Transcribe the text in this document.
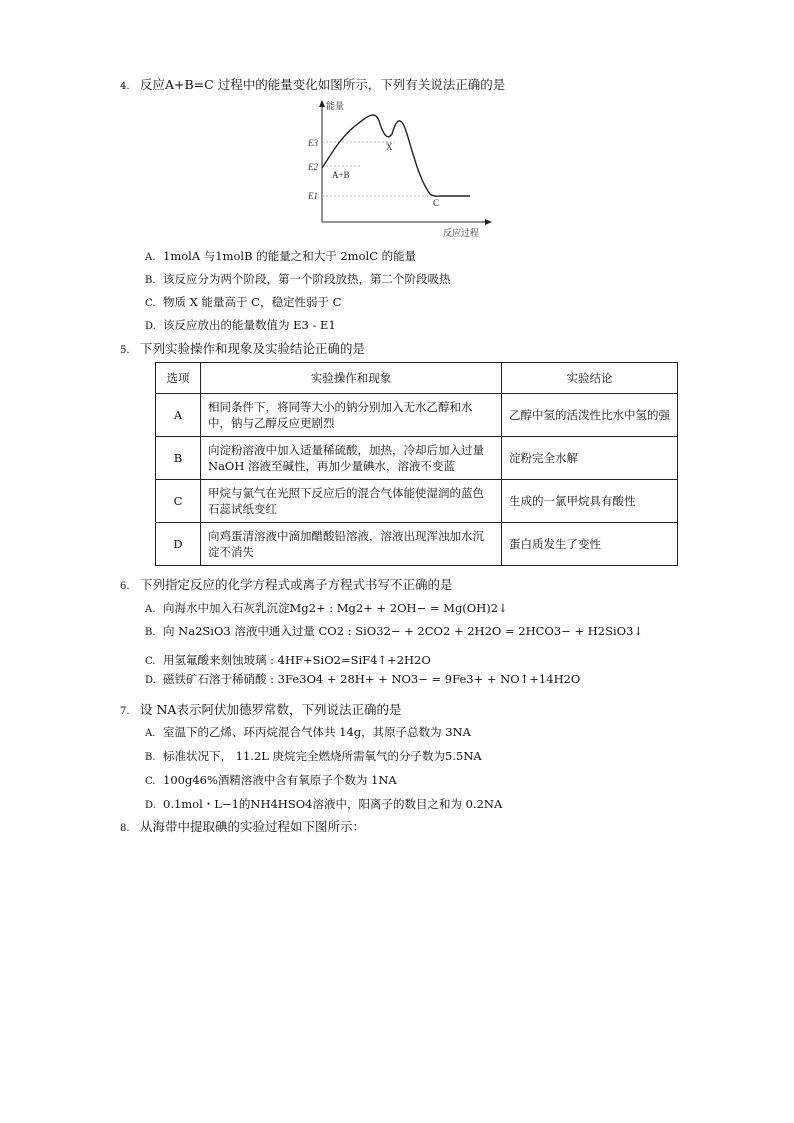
4. 反应A+B=C 过程中的能量变化如图所示，下列有关说法正确的是
能量
E3
E2
E1
A+B
X
C
反应过程
A. 1molA 与1molB 的能量之和大于 2molC 的能量
B. 该反应分为两个阶段，第一个阶段放热，第二个阶段吸热
C. 物质 X 能量高于 C，稳定性弱于 C
D. 该反应放出的能量数值为 E3 - E1
5. 下列实验操作和现象及实验结论正确的是
选项	实验操作和现象	实验结论
A	相同条件下，将同等大小的钠分别加入无水乙醇和水中，钠与乙醇反应更剧烈	乙醇中氢的活泼性比水中氢的强
B	向淀粉溶液中加入适量稀硫酸，加热，冷却后加入过量 NaOH 溶液至碱性，再加少量碘水，溶液不变蓝	淀粉完全水解
C	甲烷与氯气在光照下反应后的混合气体能使湿润的蓝色石蕊试纸变红	生成的一氯甲烷具有酸性
D	向鸡蛋清溶液中滴加醋酸铅溶液，溶液出现浑浊加水沉淀不消失	蛋白质发生了变性
6. 下列指定反应的化学方程式或离子方程式书写不正确的是
A. 向海水中加入石灰乳沉淀Mg2+ : Mg2+ + 2OH− = Mg(OH)2↓
B. 向 Na2SiO3 溶液中通入过量 CO2 : SiO32− + 2CO2 + 2H2O = 2HCO3− + H2SiO3↓
C. 用氢氟酸来刻蚀玻璃 : 4HF+SiO2=SiF4↑+2H2O
D. 磁铁矿石溶于稀硝酸 : 3Fe3O4 + 28H+ + NO3− = 9Fe3+ + NO↑+14H2O
7. 设 NA表示阿伏加德罗常数，下列说法正确的是
A. 室温下的乙烯、环丙烷混合气体共 14g，其原子总数为 3NA
B. 标准状况下， 11.2L 庚烷完全燃烧所需氧气的分子数为5.5NA
C. 100g46%酒精溶液中含有氧原子个数为 1NA
D. 0.1mol・L−1的NH4HSO4溶液中，阳离子的数目之和为 0.2NA
8. 从海带中提取碘的实验过程如下图所示：
